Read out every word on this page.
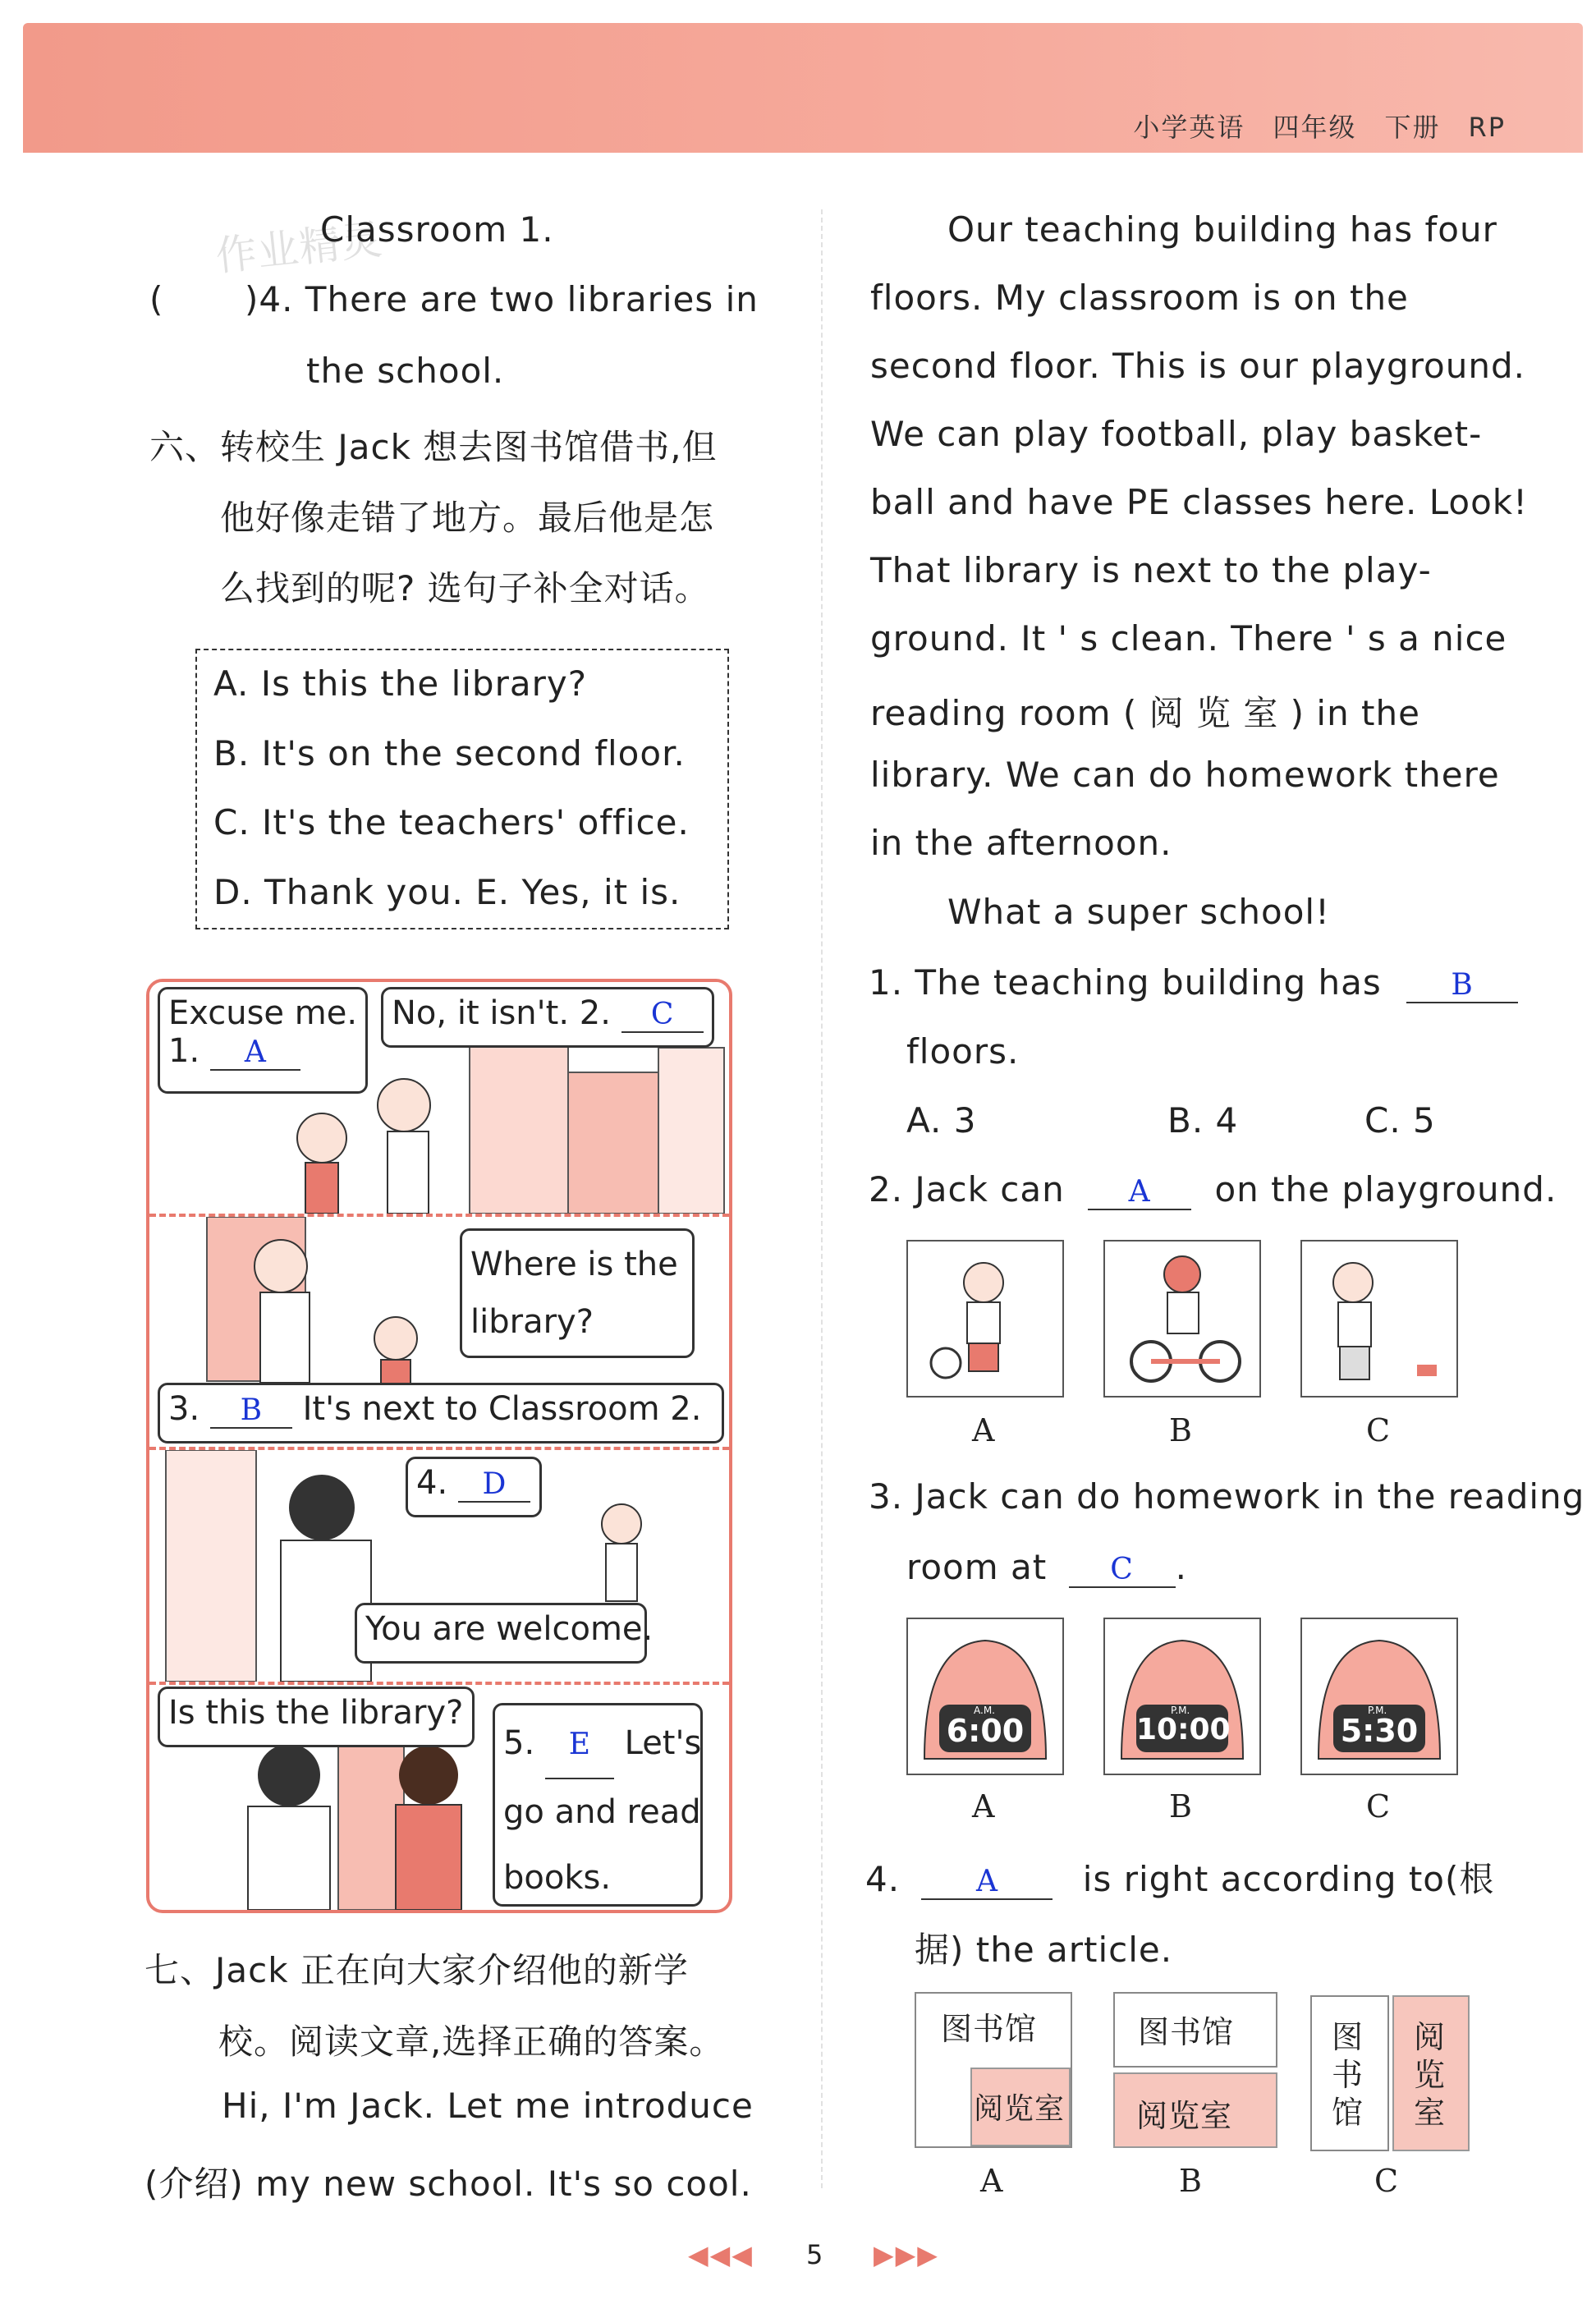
小学英语 四年级 下册 RP
作业精灵
Classroom 1.
( )4. There are two libraries in
the school.
六、转校生 Jack 想去图书馆借书,但
他好像走错了地方。最后他是怎
么找到的呢? 选句子补全对话。
A. Is this the library?
B. It's on the second floor.
C. It's the teachers' office.
D. Thank you. E. Yes, it is.
Excuse me.
1. A
No, it isn't. 2. C
Where is the
library?
3. B It's next to Classroom 2.
4. D
You are welcome.
Is this the library?
5. E Let's
go and read
books.
七、Jack 正在向大家介绍他的新学
校。阅读文章,选择正确的答案。
Hi, I'm Jack. Let me introduce
(介绍) my new school. It's so cool.
Our teaching building has four
floors. My classroom is on the
second floor. This is our playground.
We can play football, play basket-
ball and have PE classes here. Look!
That library is next to the play-
ground. It ' s clean. There ' s a nice
reading room ( 阅 览 室 ) in the
library. We can do homework there
in the afternoon.
What a super school!
1. The teaching building has B
floors.
A. 3	B. 4	C. 5
2. Jack can A on the playground.
A	B	C
3. Jack can do homework in the reading
room at C .
A.M.
6:00
P.M.
10:00
P.M.
5:30
A	B	C
4.	A is right according to(根
据) the article.
图书馆
阅览室
图书馆
阅览室
图
书
馆
阅
览
室
A	B	C
◀◀◀ 5 ▶▶▶
